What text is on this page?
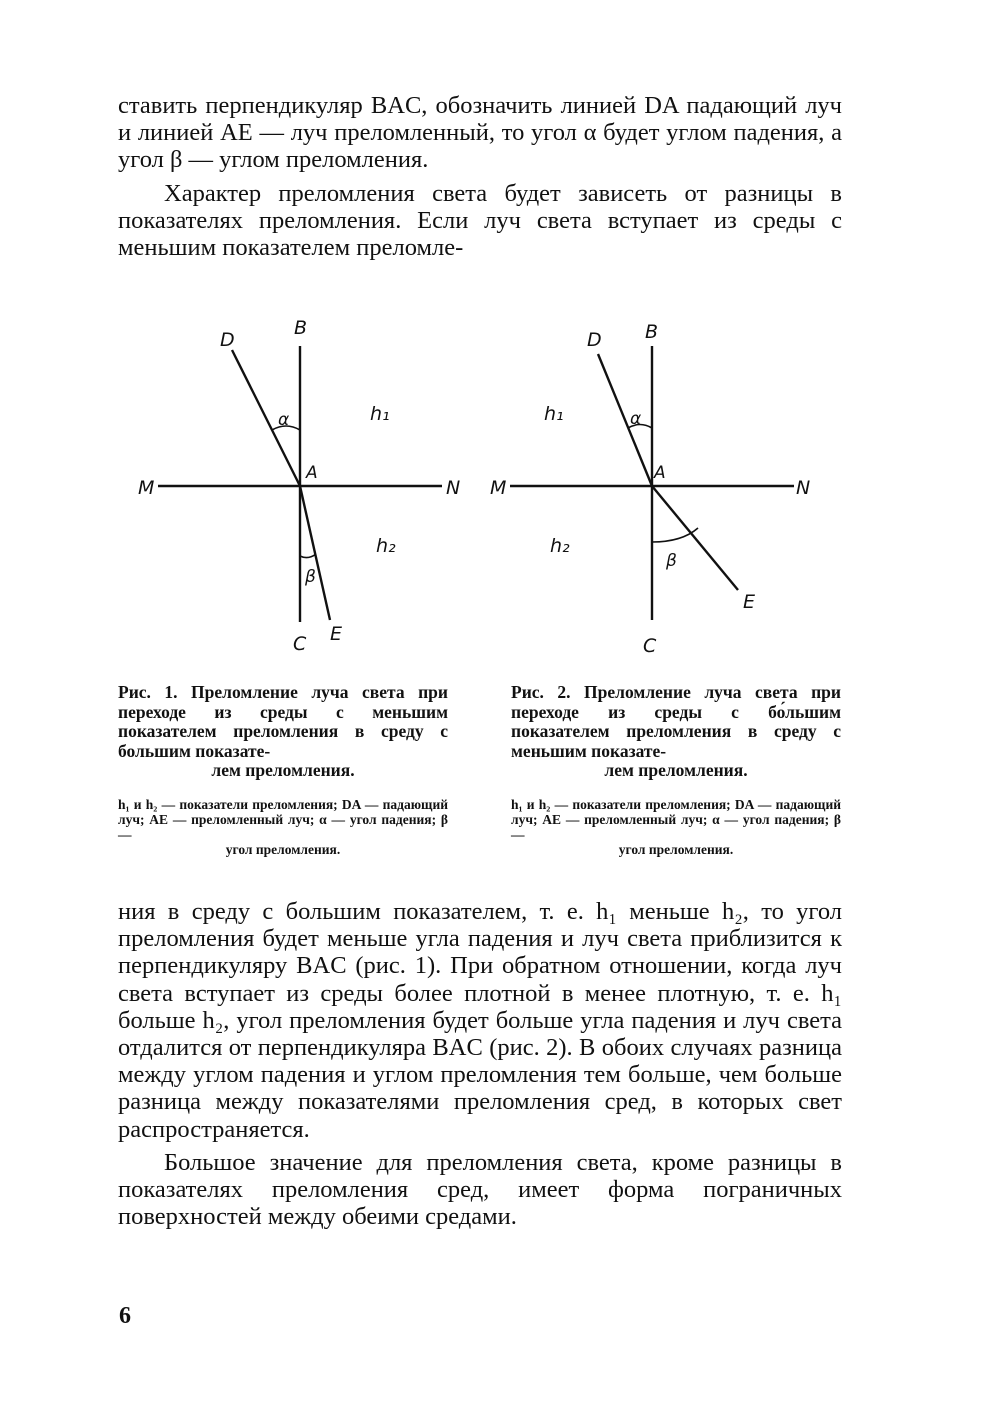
ставить перпендикуляр BAC, обозначить линией DA падающий луч и линией AE — луч преломленный, то угол α будет углом падения, а угол β — углом преломления.

Характер преломления света будет зависеть от разницы в показателях преломления. Если луч света вступает из среды с меньшим показателем преломле-

D
B
M	N
A
C E
α
β
h₁
h₂
D B
M	N
A
C
E
α
β
h₁
h₂
Рис. 1. Преломление луча света при переходе из среды с меньшим показателем преломления в среду с большим показате-
лем преломления.
Рис. 2. Преломление луча света при переходе из среды с бо́льшим показателем преломления в среду с меньшим показате-
лем преломления.
h₁ и h₂ — показатели преломления; DA — падающий луч; AE — преломленный луч; α — угол падения; β —
угол преломления.
h₁ и h₂ — показатели преломления; DA — падающий луч; AE — преломленный луч; α — угол падения; β —
угол преломления.

ния в среду с большим показателем, т. е. h₁ меньше h₂, то угол преломления будет меньше угла падения и луч света приблизится к перпендикуляру BAC (рис. 1). При обратном отношении, когда луч света вступает из среды более плотной в менее плотную, т. е. h₁ больше h₂, угол преломления будет больше угла падения и луч света отдалится от перпендикуляра BAC (рис. 2). В обоих случаях разница между углом падения и углом преломления тем больше, чем больше разница между показателями преломления сред, в которых свет распространяется.

Большое значение для преломления света, кроме разницы в показателях преломления сред, имеет форма пограничных поверхностей между обеими средами.

6
